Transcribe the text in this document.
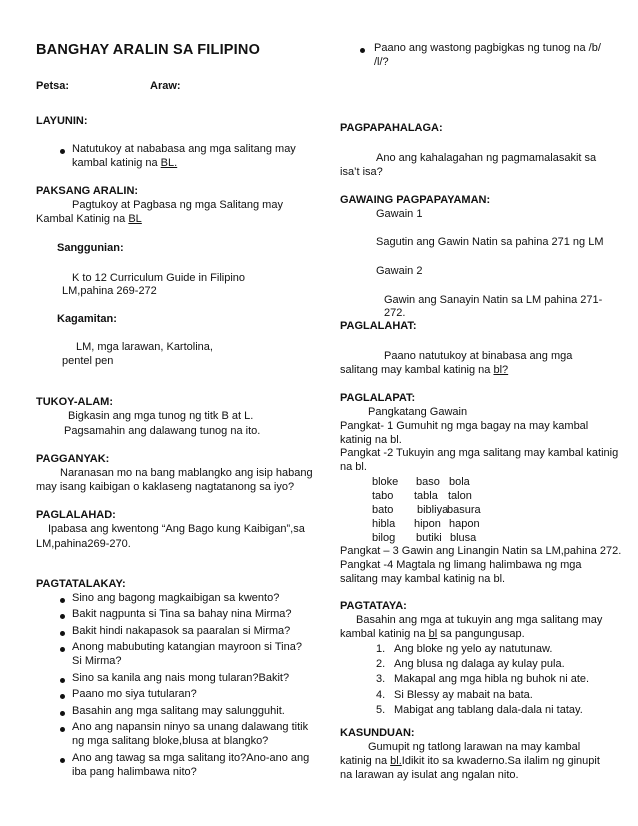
BANGHAY ARALIN SA FILIPINO
Petsa:	Araw:
LAYUNIN:
Natutukoy at nababasa ang mga salitang may
kambal katinig na BL.
PAKSANG ARALIN:
Pagtukoy at Pagbasa ng mga Salitang may
Kambal Katinig na BL
Sanggunian:
K to 12 Curriculum Guide in Filipino
LM,pahina 269-272
Kagamitan:
LM, mga larawan, Kartolina,
pentel pen
TUKOY-ALAM:
Bigkasin ang mga tunog ng titk B at L.
Pagsamahin ang dalawang tunog na ito.
PAGGANYAK:
Naranasan mo na bang mablangko ang isip habang
may isang kaibigan o kaklaseng nagtatanong sa iyo?
PAGLALAHAD:
Ipabasa ang kwentong “Ang Bago kung Kaibigan”,sa
LM,pahina269-270.
PAGTATALAKAY:
Sino ang bagong magkaibigan sa kwento?
Bakit nagpunta si Tina sa bahay nina Mirma?
Bakit hindi nakapasok sa paaralan si Mirma?
Anong mabubuting katangian mayroon si Tina?
Si Mirma?
Sino sa kanila ang nais mong tularan?Bakit?
Paano mo siya tutularan?
Basahin ang mga salitang may salungguhit.
Ano ang napansin ninyo sa unang dalawang titik
ng mga salitang bloke,blusa at blangko?
Ano ang tawag sa mga salitang ito?Ano-ano ang
iba pang halimbawa nito?
Paano ang wastong pagbigkas ng tunog na /b/
/l/?
PAGPAPAHALAGA:
Ano ang kahalagahan ng pagmamalasakit sa
isa’t isa?
GAWAING PAGPAPAYAMAN:
Gawain 1
Sagutin ang Gawin Natin sa pahina 271 ng LM
Gawain 2
Gawin ang Sanayin Natin sa LM pahina 271-
272.
PAGLALAHAT:
Paano natutukoy at binabasa ang mga
salitang may kambal katinig na bl?
PAGLALAPAT:
Pangkatang Gawain
Pangkat- 1 Gumuhit ng mga bagay na may kambal
katinig na bl.
Pangkat -2 Tukuyin ang mga salitang may kambal katinig
na bl.
bloke baso bola
tabo tabla talon
bato bibliya
basura
hibla hipon hapon
bilog butiki blusa
Pangkat – 3 Gawin ang Linangin Natin sa LM,pahina 272.
Pangkat -4 Magtala ng limang halimbawa ng mga
salitang may kambal katinig na bl.
PAGTATAYA:
Basahin ang mga at tukuyin ang mga salitang may
kambal katinig na bl sa pangungusap.
1. Ang bloke ng yelo ay natutunaw.
2. Ang blusa ng dalaga ay kulay pula.
3. Makapal ang mga hibla ng buhok ni ate.
4. Si Blessy ay mabait na bata.
5. Mabigat ang tablang dala-dala ni tatay.
KASUNDUAN:
Gumupit ng tatlong larawan na may kambal
katinig na bl.Idikit ito sa kwaderno.Sa ilalim ng ginupit
na larawan ay isulat ang ngalan nito.
